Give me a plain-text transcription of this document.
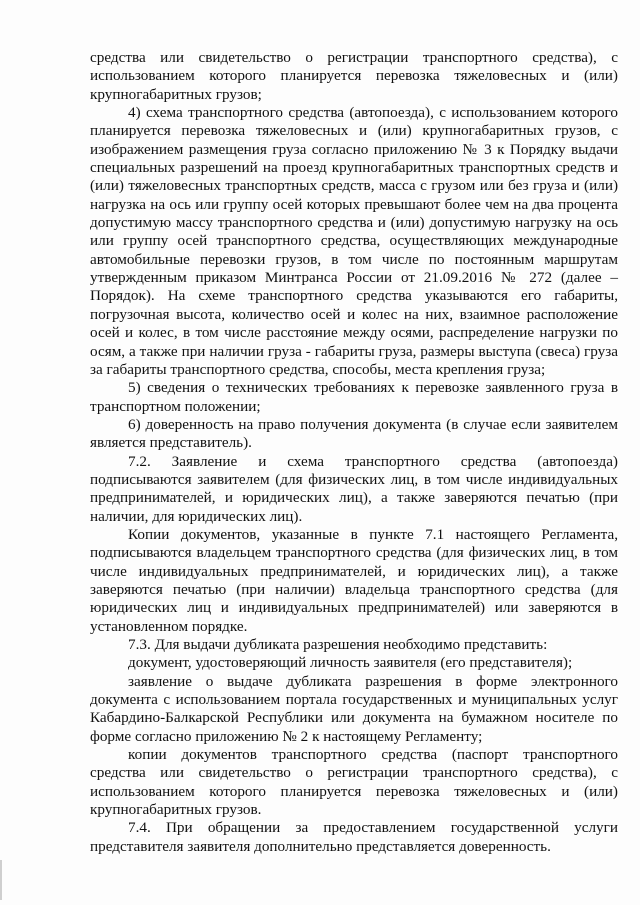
средства или свидетельство о регистрации транспортного средства), с использованием которого планируется перевозка тяжеловесных и (или) крупногабаритных грузов;

4) схема транспортного средства (автопоезда), с использованием которого планируется перевозка тяжеловесных и (или) крупногабаритных грузов, с изображением размещения груза согласно приложению № 3 к Порядку выдачи специальных разрешений на проезд крупногабаритных транспортных средств и (или) тяжеловесных транспортных средств, масса с грузом или без груза и (или) нагрузка на ось или группу осей которых превышают более чем на два процента допустимую массу транспортного средства и (или) допустимую нагрузку на ось или группу осей транспортного средства, осуществляющих международные автомобильные перевозки грузов, в том числе по постоянным маршрутам утвержденным приказом Минтранса России от 21.09.2016 № 272 (далее – Порядок). На схеме транспортного средства указываются его габариты, погрузочная высота, количество осей и колес на них, взаимное расположение осей и колес, в том числе расстояние между осями, распределение нагрузки по осям, а также при наличии груза - габариты груза, размеры выступа (свеса) груза за габариты транспортного средства, способы, места крепления груза;

5) сведения о технических требованиях к перевозке заявленного груза в транспортном положении;

6) доверенность на право получения документа (в случае если заявителем является представитель).

7.2. Заявление и схема транспортного средства (автопоезда) подписываются заявителем (для физических лиц, в том числе индивидуальных предпринимателей, и юридических лиц), а также заверяются печатью (при наличии, для юридических лиц).

Копии документов, указанные в пункте 7.1 настоящего Регламента, подписываются владельцем транспортного средства (для физических лиц, в том числе индивидуальных предпринимателей, и юридических лиц), а также заверяются печатью (при наличии) владельца транспортного средства (для юридических лиц и индивидуальных предпринимателей) или заверяются в установленном порядке.

7.3. Для выдачи дубликата разрешения необходимо представить:

документ, удостоверяющий личность заявителя (его представителя);

заявление о выдаче дубликата разрешения в форме электронного документа с использованием портала государственных и муниципальных услуг Кабардино-Балкарской Республики или документа на бумажном носителе по форме согласно приложению № 2 к настоящему Регламенту;

копии документов транспортного средства (паспорт транспортного средства или свидетельство о регистрации транспортного средства), с использованием которого планируется перевозка тяжеловесных и (или) крупногабаритных грузов.

7.4. При обращении за предоставлением государственной услуги представителя заявителя дополнительно представляется доверенность.
